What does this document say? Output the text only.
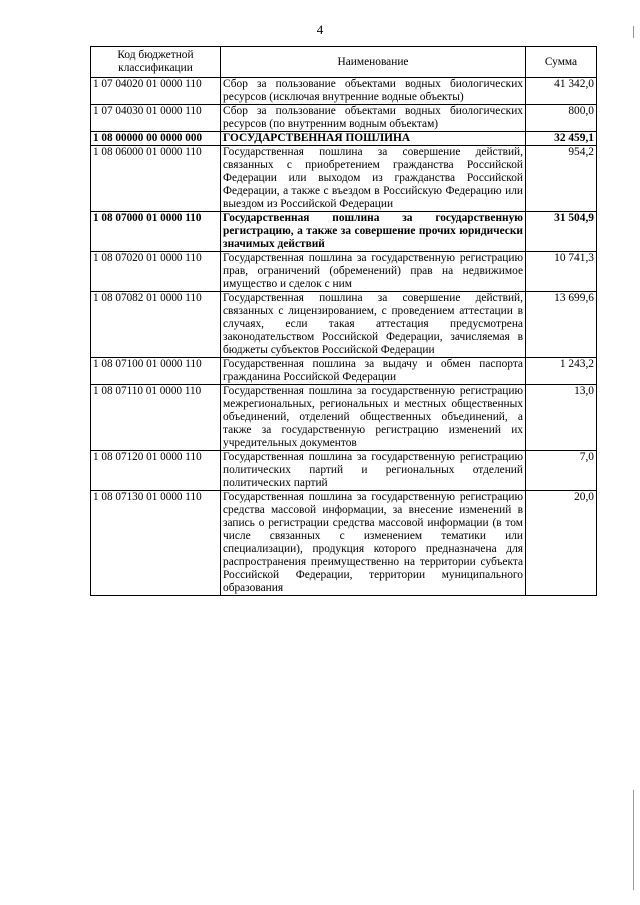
4
Код бюджетной классификации	Наименование	Сумма
1 07 04020 01 0000 110	Сбор за пользование объектами водных биологических ресурсов (исключая внутренние водные объекты)	41 342,0
1 07 04030 01 0000 110	Сбор за пользование объектами водных биологических ресурсов (по внутренним водным объектам)	800,0
1 08 00000 00 0000 000	ГОСУДАРСТВЕННАЯ ПОШЛИНА	32 459,1
1 08 06000 01 0000 110	Государственная пошлина за совершение действий, связанных с приобретением гражданства Российской Федерации или выходом из гражданства Российской Федерации, а также с въездом в Российскую Федерацию или выездом из Российской Федерации	954,2
1 08 07000 01 0000 110	Государственная пошлина за государственную регистрацию, а также за совершение прочих юридически значимых действий	31 504,9
1 08 07020 01 0000 110	Государственная пошлина за государственную регистрацию прав, ограничений (обременений) прав на недвижимое имущество и сделок с ним	10 741,3
1 08 07082 01 0000 110	Государственная пошлина за совершение действий, связанных с лицензированием, с проведением аттестации в случаях, если такая аттестация предусмотрена законодательством Российской Федерации, зачисляемая в бюджеты субъектов Российской Федерации	13 699,6
1 08 07100 01 0000 110	Государственная пошлина за выдачу и обмен паспорта гражданина Российской Федерации	1 243,2
1 08 07110 01 0000 110	Государственная пошлина за государственную регистрацию межрегиональных, региональных и местных общественных объединений, отделений общественных объединений, а также за государственную регистрацию изменений их учредительных документов	13,0
1 08 07120 01 0000 110	Государственная пошлина за государственную регистрацию политических партий и региональных отделений политических партий	7,0
1 08 07130 01 0000 110	Государственная пошлина за государственную регистрацию средства массовой информации, за внесение изменений в запись о регистрации средства массовой информации (в том числе связанных с изменением тематики или специализации), продукция которого предназначена для распространения преимущественно на территории субъекта Российской Федерации, территории муниципального образования	20,0
